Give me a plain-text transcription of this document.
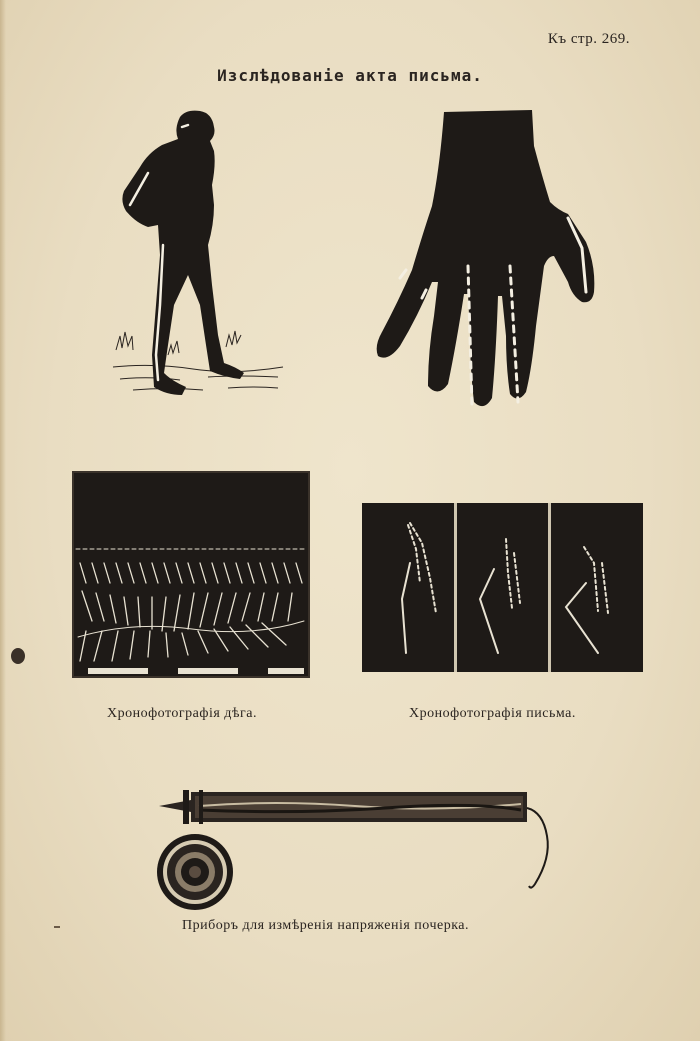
Къ стр. 269.
Изслѣдованiе акта письма.
Хронофотографія дѣга.	Хронофотографія письма.
Приборъ для измѣренія напряженія почерка.
